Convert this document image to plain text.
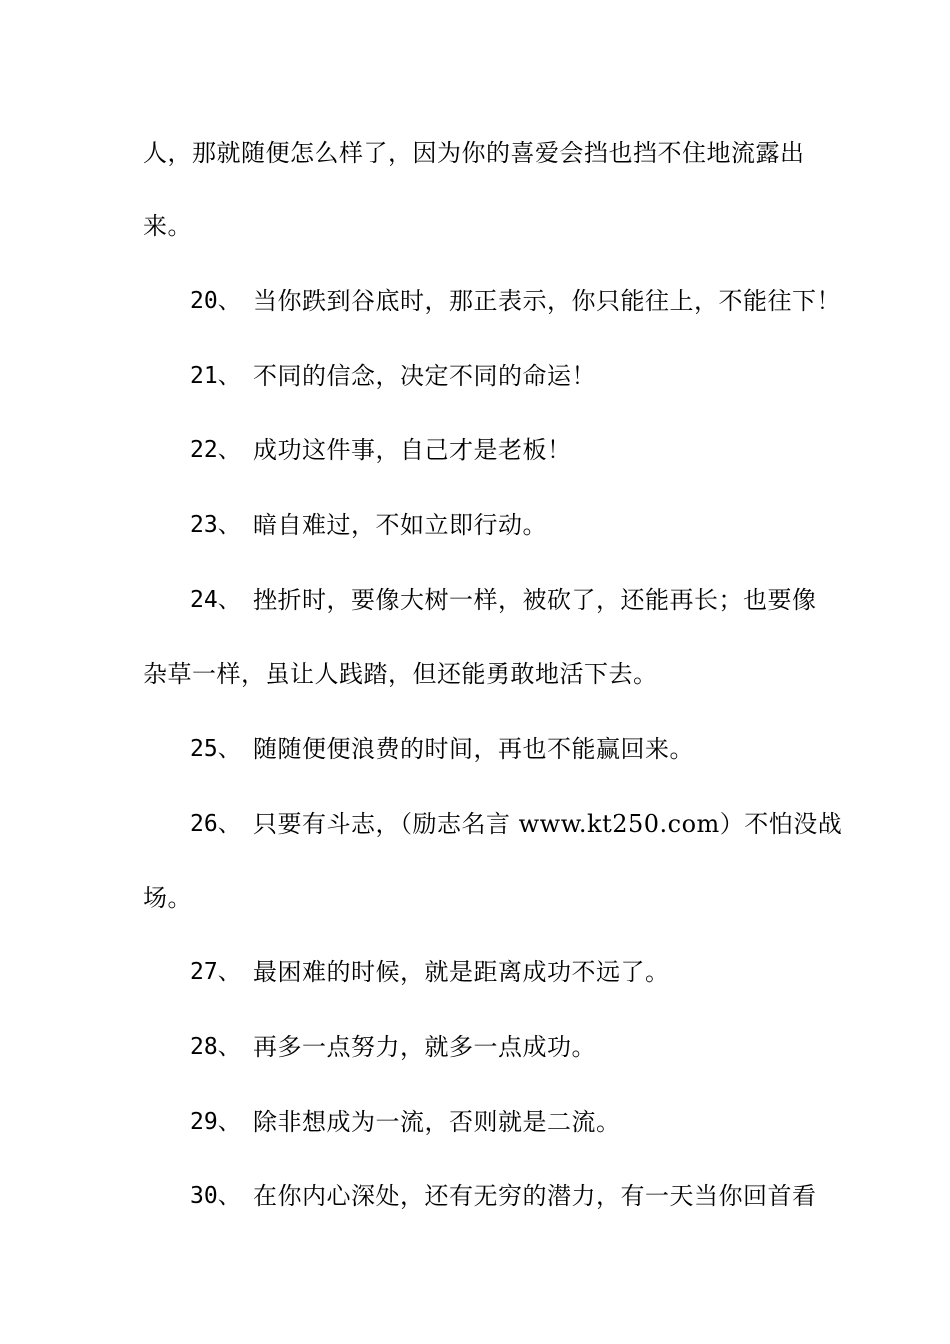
人，那就随便怎么样了，因为你的喜爱会挡也挡不住地流露出
来。
20、 当你跌到谷底时，那正表示，你只能往上，不能往下！
21、 不同的信念，决定不同的命运！
22、 成功这件事，自己才是老板！
23、 暗自难过，不如立即行动。
24、 挫折时，要像大树一样，被砍了，还能再长；也要像
杂草一样，虽让人践踏，但还能勇敢地活下去。
25、 随随便便浪费的时间，再也不能赢回来。
26、 只要有斗志，（励志名言 www.kt250.com）不怕没战
场。
27、 最困难的时候，就是距离成功不远了。
28、 再多一点努力，就多一点成功。
29、 除非想成为一流，否则就是二流。
30、 在你内心深处，还有无穷的潜力，有一天当你回首看
